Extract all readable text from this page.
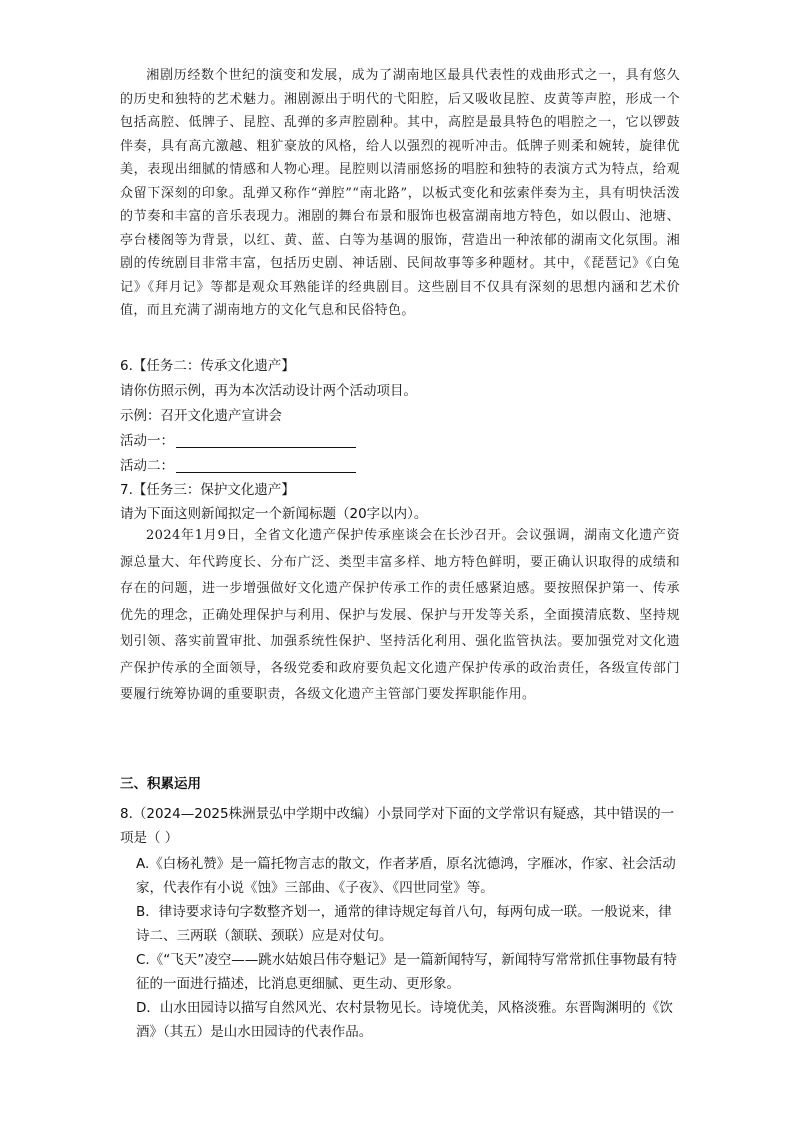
湘剧历经数个世纪的演变和发展，成为了湖南地区最具代表性的戏曲形式之一，具有悠久的历史和独特的艺术魅力。湘剧源出于明代的弋阳腔，后又吸收昆腔、皮黄等声腔，形成一个包括高腔、低牌子、昆腔、乱弹的多声腔剧种。其中，高腔是最具特色的唱腔之一，它以锣鼓伴奏，具有高亢激越、粗犷豪放的风格，给人以强烈的视听冲击。低牌子则柔和婉转，旋律优美，表现出细腻的情感和人物心理。昆腔则以清丽悠扬的唱腔和独特的表演方式为特点，给观众留下深刻的印象。乱弹又称作“弹腔”“南北路”，以板式变化和弦索伴奏为主，具有明快活泼的节奏和丰富的音乐表现力。湘剧的舞台布景和服饰也极富湖南地方特色，如以假山、池塘、亭台楼阁等为背景，以红、黄、蓝、白等为基调的服饰，营造出一种浓郁的湖南文化氛围。湘剧的传统剧目非常丰富，包括历史剧、神话剧、民间故事等多种题材。其中，《琵琶记》《白兔记》《拜月记》等都是观众耳熟能详的经典剧目。这些剧目不仅具有深刻的思想内涵和艺术价值，而且充满了湖南地方的文化气息和民俗特色。

6.【任务二：传承文化遗产】
请你仿照示例，再为本次活动设计两个活动项目。
示例：召开文化遗产宣讲会
活动一：
活动二：
7.【任务三：保护文化遗产】
请为下面这则新闻拟定一个新闻标题（20字以内）。

2024年1月9日，全省文化遗产保护传承座谈会在长沙召开。会议强调，湖南文化遗产资源总量大、年代跨度长、分布广泛、类型丰富多样、地方特色鲜明，要正确认识取得的成绩和存在的问题，进一步增强做好文化遗产保护传承工作的责任感紧迫感。要按照保护第一、传承优先的理念，正确处理保护与利用、保护与发展、保护与开发等关系，全面摸清底数、坚持规划引领、落实前置审批、加强系统性保护、坚持活化利用、强化监管执法。要加强党对文化遗产保护传承的全面领导，各级党委和政府要负起文化遗产保护传承的政治责任，各级宣传部门要履行统筹协调的重要职责，各级文化遗产主管部门要发挥职能作用。

三、积累运用
8.（2024—2025株洲景弘中学期中改编）小景同学对下面的文学常识有疑惑，其中错误的一项是（ ）
A.《白杨礼赞》是一篇托物言志的散文，作者茅盾，原名沈德鸿，字雁冰，作家、社会活动家，代表作有小说《蚀》三部曲、《子夜》、《四世同堂》等。
B．律诗要求诗句字数整齐划一，通常的律诗规定每首八句，每两句成一联。一般说来，律诗二、三两联（颔联、颈联）应是对仗句。
C.《“飞天”凌空——跳水姑娘吕伟夺魁记》是一篇新闻特写，新闻特写常常抓住事物最有特征的一面进行描述，比消息更细腻、更生动、更形象。
D．山水田园诗以描写自然风光、农村景物见长。诗境优美，风格淡雅。东晋陶渊明的《饮酒》（其五）是山水田园诗的代表作品。
